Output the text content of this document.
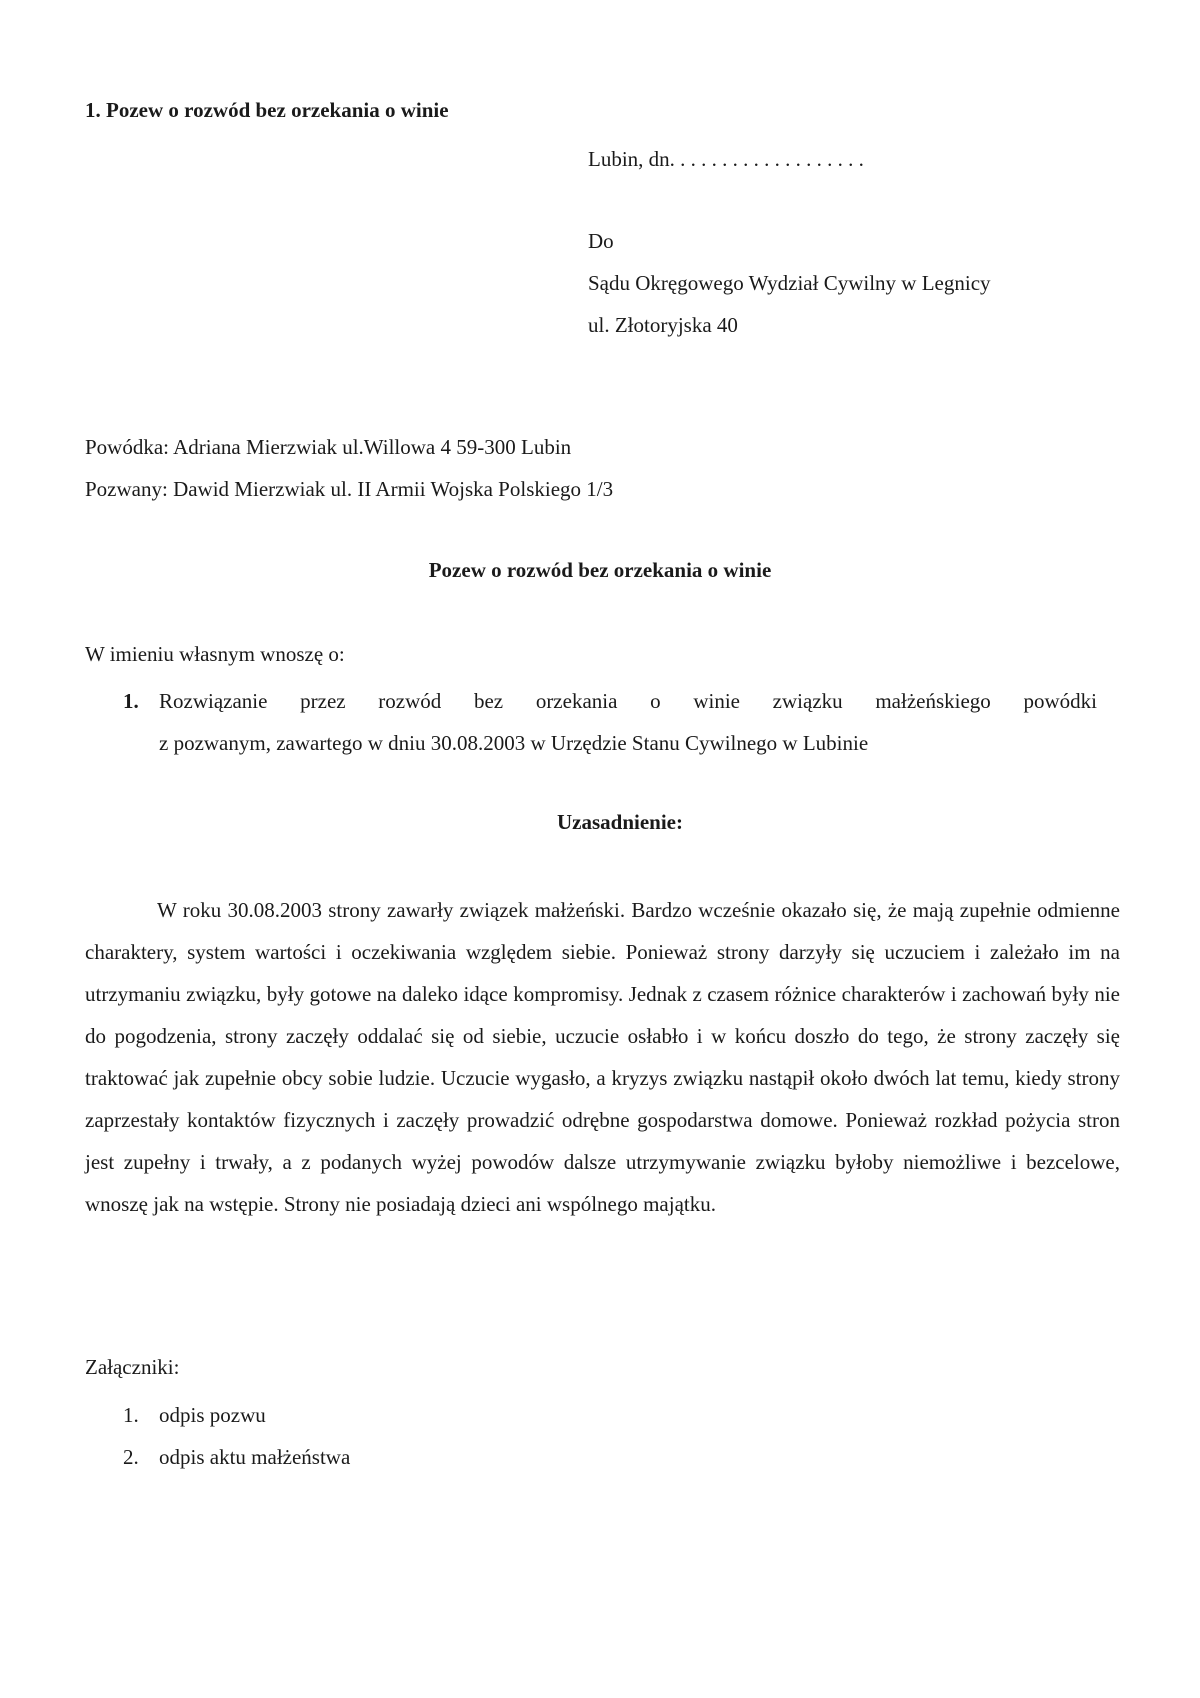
1. Pozew o rozwód bez orzekania o winie
Lubin, dn. . . . . . . . . . . . . . . . . . .
Do
Sądu Okręgowego Wydział Cywilny w Legnicy
ul. Złotoryjska 40
Powódka: Adriana Mierzwiak ul.Willowa 4 59-300 Lubin
Pozwany: Dawid Mierzwiak ul. II Armii Wojska Polskiego 1/3
Pozew o rozwód bez orzekania o winie
W imieniu własnym wnoszę o:
1. Rozwiązanie przez rozwód bez orzekania o winie związku małżeńskiego powódki
z pozwanym, zawartego w dniu 30.08.2003 w Urzędzie Stanu Cywilnego w Lubinie
Uzasadnienie:
W roku 30.08.2003 strony zawarły związek małżeński. Bardzo wcześnie okazało się, że mają zupełnie odmienne charaktery, system wartości i oczekiwania względem siebie. Ponieważ strony darzyły się uczuciem i zależało im na utrzymaniu związku, były gotowe na daleko idące kompromisy. Jednak z czasem różnice charakterów i zachowań były nie do pogodzenia, strony zaczęły oddalać się od siebie, uczucie osłabło i w końcu doszło do tego, że strony zaczęły się traktować jak zupełnie obcy sobie ludzie. Uczucie wygasło, a kryzys związku nastąpił około dwóch lat temu, kiedy strony zaprzestały kontaktów fizycznych i zaczęły prowadzić odrębne gospodarstwa domowe. Ponieważ rozkład pożycia stron jest zupełny i trwały, a z podanych wyżej powodów dalsze utrzymywanie związku byłoby niemożliwe i bezcelowe, wnoszę jak na wstępie. Strony nie posiadają dzieci ani wspólnego majątku.
Załączniki:
1. odpis pozwu
2. odpis aktu małżeństwa
